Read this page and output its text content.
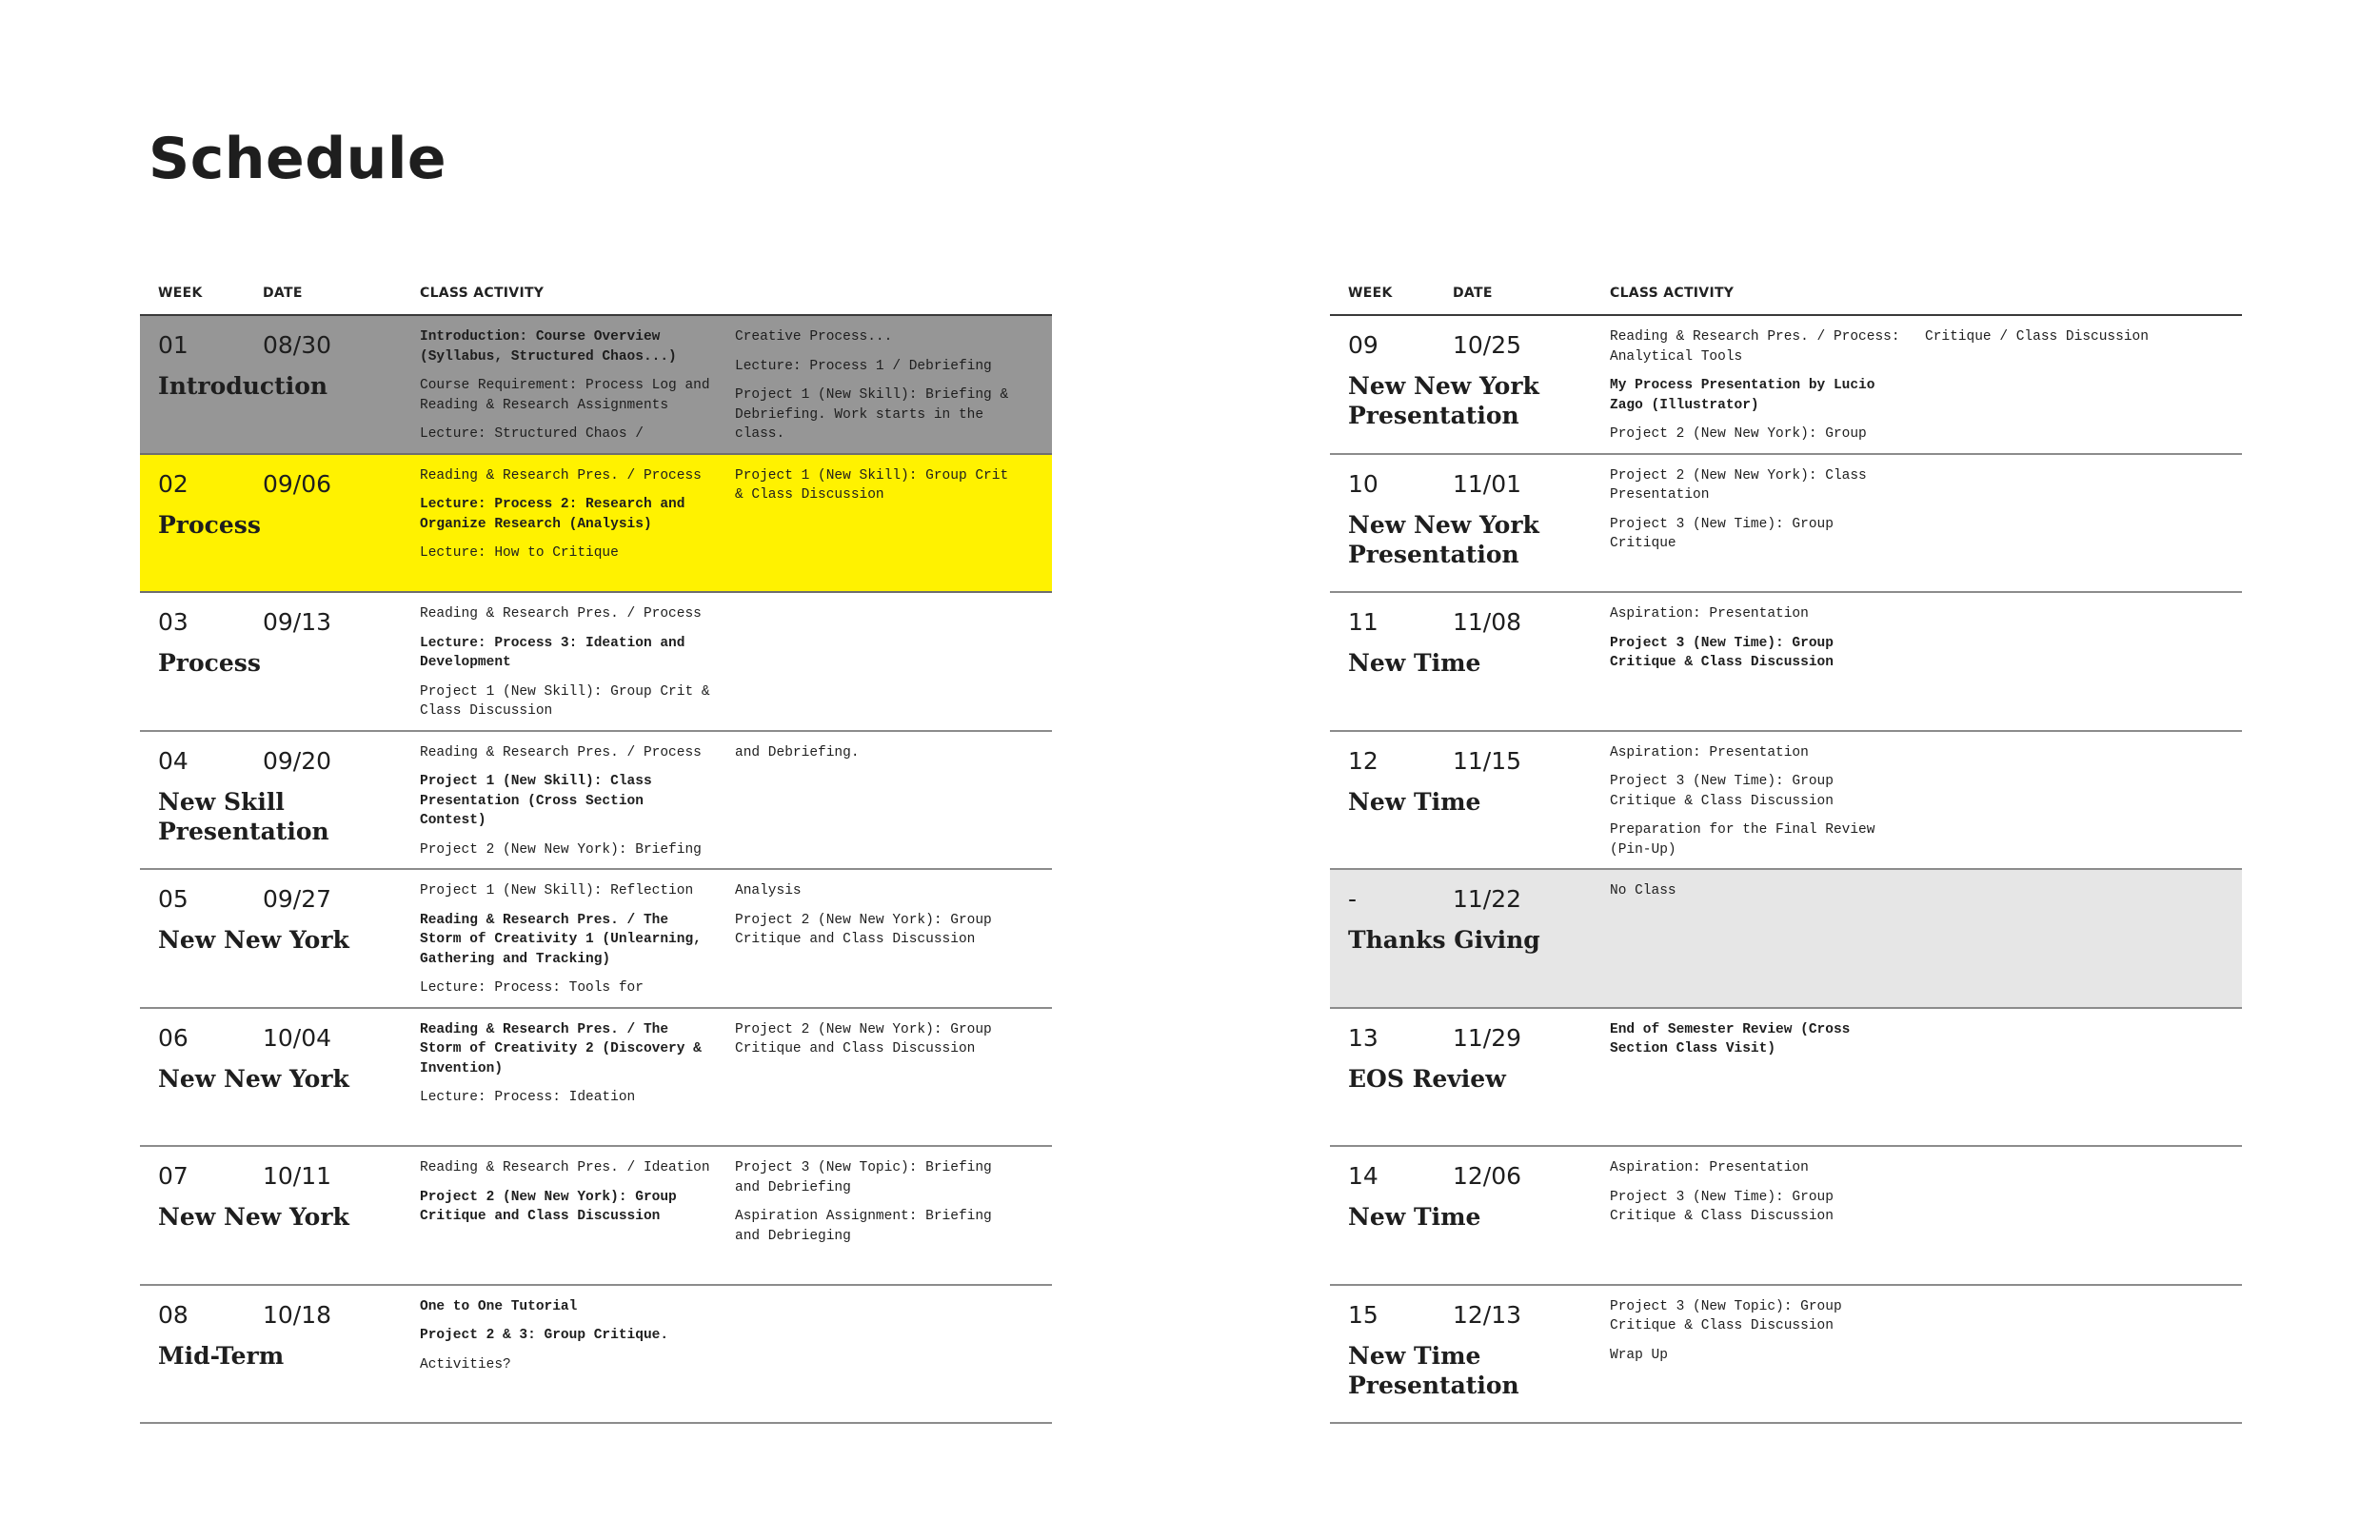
Schedule
WEEK	DATE	CLASS ACTIVITY
01	08/30
Introduction

Introduction: Course Overview (Syllabus, Structured Chaos...)

Course Requirement: Process Log and Reading & Research Assignments

Lecture: Structured Chaos /

Creative Process...

Lecture: Process 1 / Debriefing

Project 1 (New Skill): Briefing & Debriefing. Work starts in the class.

02	09/06
Process

Reading & Research Pres. / Process

Lecture: Process 2: Research and Organize Research (Analysis)

Lecture: How to Critique

Project 1 (New Skill): Group Crit & Class Discussion

03	09/13
Process

Reading & Research Pres. / Process

Lecture: Process 3: Ideation and Development

Project 1 (New Skill): Group Crit & Class Discussion

04	09/20
New Skill Presentation

Reading & Research Pres. / Process

Project 1 (New Skill): Class Presentation (Cross Section Contest)

Project 2 (New New York): Briefing

and Debriefing.

05	09/27
New New York

Project 1 (New Skill): Reflection

Reading & Research Pres. / The Storm of Creativity 1 (Unlearning, Gathering and Tracking)

Lecture: Process: Tools for

Analysis

Project 2 (New New York): Group Critique and Class Discussion

06	10/04
New New York

Reading & Research Pres. / The Storm of Creativity 2 (Discovery & Invention)

Lecture: Process: Ideation

Project 2 (New New York): Group Critique and Class Discussion

07	10/11
New New York

Reading & Research Pres. / Ideation

Project 2 (New New York): Group Critique and Class Discussion

Project 3 (New Topic): Briefing and Debriefing

Aspiration Assignment: Briefing and Debrieging

08	10/18
Mid-Term

One to One Tutorial

Project 2 & 3: Group Critique.

Activities?

WEEK	DATE	CLASS ACTIVITY
09	10/25
New New York Presentation

Reading & Research Pres. / Process: Analytical Tools

My Process Presentation by Lucio Zago (Illustrator)

Project 2 (New New York): Group

Critique / Class Discussion

10	11/01
New New York Presentation

Project 2 (New New York): Class Presentation

Project 3 (New Time): Group Critique

11	11/08
New Time

Aspiration: Presentation

Project 3 (New Time): Group Critique & Class Discussion

12	11/15
New Time

Aspiration: Presentation

Project 3 (New Time): Group Critique & Class Discussion

Preparation for the Final Review (Pin-Up)

-	11/22
Thanks Giving

No Class

13	11/29
EOS Review

End of Semester Review (Cross Section Class Visit)

14	12/06
New Time

Aspiration: Presentation

Project 3 (New Time): Group Critique & Class Discussion

15	12/13
New Time Presentation

Project 3 (New Topic): Group Critique & Class Discussion

Wrap Up
